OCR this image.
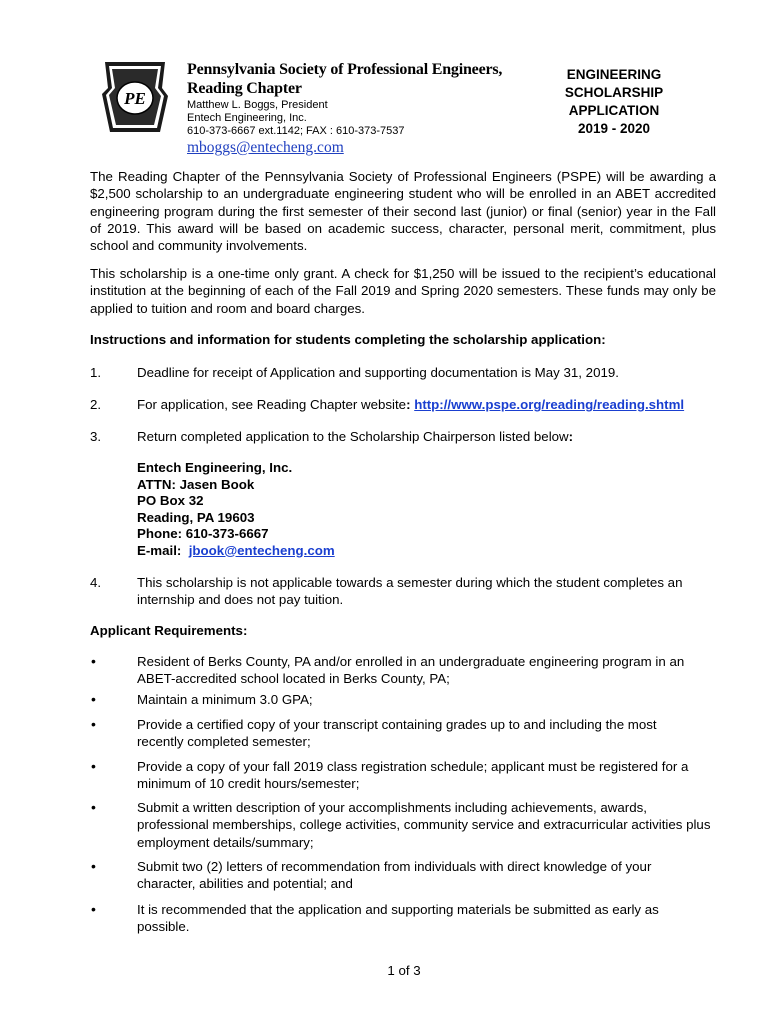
PE
Pennsylvania Society of Professional Engineers,
Reading Chapter
Matthew L. Boggs, President
Entech Engineering, Inc.
610-373-6667 ext.1142; FAX : 610-373-7537
mboggs@entecheng.com
ENGINEERING
SCHOLARSHIP
APPLICATION
2019 - 2020
The Reading Chapter of the Pennsylvania Society of Professional Engineers (PSPE) will be awarding a $2,500 scholarship to an undergraduate engineering student who will be enrolled in an ABET accredited engineering program during the first semester of their second last (junior) or final (senior) year in the Fall of 2019. This award will be based on academic success, character, personal merit, commitment, plus school and community involvements.
This scholarship is a one-time only grant. A check for $1,250 will be issued to the recipient’s educational institution at the beginning of each of the Fall 2019 and Spring 2020 semesters. These funds may only be applied to tuition and room and board charges.
Instructions and information for students completing the scholarship application:
1.	Deadline for receipt of Application and supporting documentation is May 31, 2019.
2.	For application, see Reading Chapter website: http://www.pspe.org/reading/reading.shtml
3.	Return completed application to the Scholarship Chairperson listed below:
Entech Engineering, Inc.
ATTN: Jasen Book
PO Box 32
Reading, PA 19603
Phone: 610-373-6667
E-mail: jbook@entecheng.com
4.	This scholarship is not applicable towards a semester during which the student completes an internship and does not pay tuition.
Applicant Requirements:
•	Resident of Berks County, PA and/or enrolled in an undergraduate engineering program in an ABET-accredited school located in Berks County, PA;
•	Maintain a minimum 3.0 GPA;
•	Provide a certified copy of your transcript containing grades up to and including the most recently completed semester;
•	Provide a copy of your fall 2019 class registration schedule; applicant must be registered for a minimum of 10 credit hours/semester;
•	Submit a written description of your accomplishments including achievements, awards, professional memberships, college activities, community service and extracurricular activities plus employment details/summary;
•	Submit two (2) letters of recommendation from individuals with direct knowledge of your character, abilities and potential; and
•	It is recommended that the application and supporting materials be submitted as early as possible.
1 of 3
